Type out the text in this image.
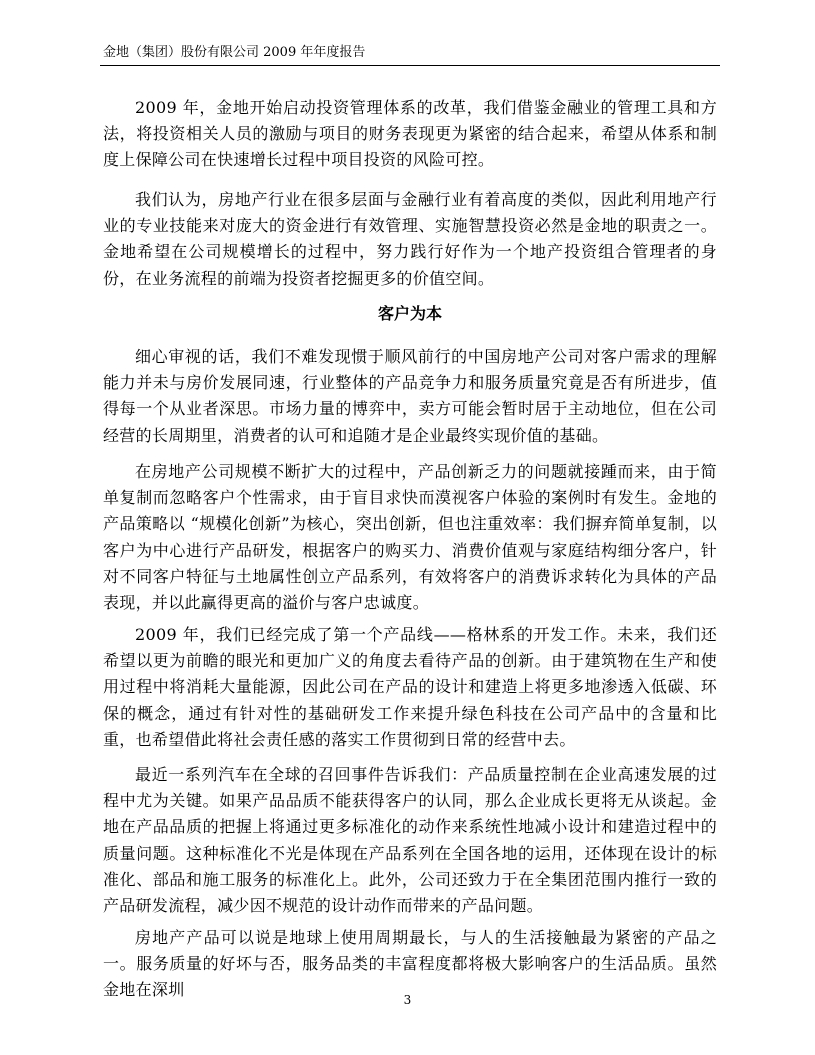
金地（集团）股份有限公司 2009 年年度报告

2009 年，金地开始启动投资管理体系的改革，我们借鉴金融业的管理工具和方法，将投资相关人员的激励与项目的财务表现更为紧密的结合起来，希望从体系和制度上保障公司在快速增长过程中项目投资的风险可控。

我们认为，房地产行业在很多层面与金融行业有着高度的类似，因此利用地产行业的专业技能来对庞大的资金进行有效管理、实施智慧投资必然是金地的职责之一。金地希望在公司规模增长的过程中，努力践行好作为一个地产投资组合管理者的身份，在业务流程的前端为投资者挖掘更多的价值空间。

客户为本

细心审视的话，我们不难发现惯于顺风前行的中国房地产公司对客户需求的理解能力并未与房价发展同速，行业整体的产品竞争力和服务质量究竟是否有所进步，值得每一个从业者深思。市场力量的博弈中，卖方可能会暂时居于主动地位，但在公司经营的长周期里，消费者的认可和追随才是企业最终实现价值的基础。

在房地产公司规模不断扩大的过程中，产品创新乏力的问题就接踵而来，由于简单复制而忽略客户个性需求，由于盲目求快而漠视客户体验的案例时有发生。金地的产品策略以 “规模化创新”为核心，突出创新，但也注重效率：我们摒弃简单复制，以客户为中心进行产品研发，根据客户的购买力、消费价值观与家庭结构细分客户，针对不同客户特征与土地属性创立产品系列，有效将客户的消费诉求转化为具体的产品表现，并以此赢得更高的溢价与客户忠诚度。

2009 年，我们已经完成了第一个产品线——格林系的开发工作。未来，我们还希望以更为前瞻的眼光和更加广义的角度去看待产品的创新。由于建筑物在生产和使用过程中将消耗大量能源，因此公司在产品的设计和建造上将更多地渗透入低碳、环保的概念，通过有针对性的基础研发工作来提升绿色科技在公司产品中的含量和比重，也希望借此将社会责任感的落实工作贯彻到日常的经营中去。

最近一系列汽车在全球的召回事件告诉我们：产品质量控制在企业高速发展的过程中尤为关键。如果产品品质不能获得客户的认同，那么企业成长更将无从谈起。金地在产品品质的把握上将通过更多标准化的动作来系统性地减小设计和建造过程中的质量问题。这种标准化不光是体现在产品系列在全国各地的运用，还体现在设计的标准化、部品和施工服务的标准化上。此外，公司还致力于在全集团范围内推行一致的产品研发流程，减少因不规范的设计动作而带来的产品问题。

房地产产品可以说是地球上使用周期最长，与人的生活接触最为紧密的产品之一。服务质量的好坏与否，服务品类的丰富程度都将极大影响客户的生活品质。虽然金地在深圳

3
